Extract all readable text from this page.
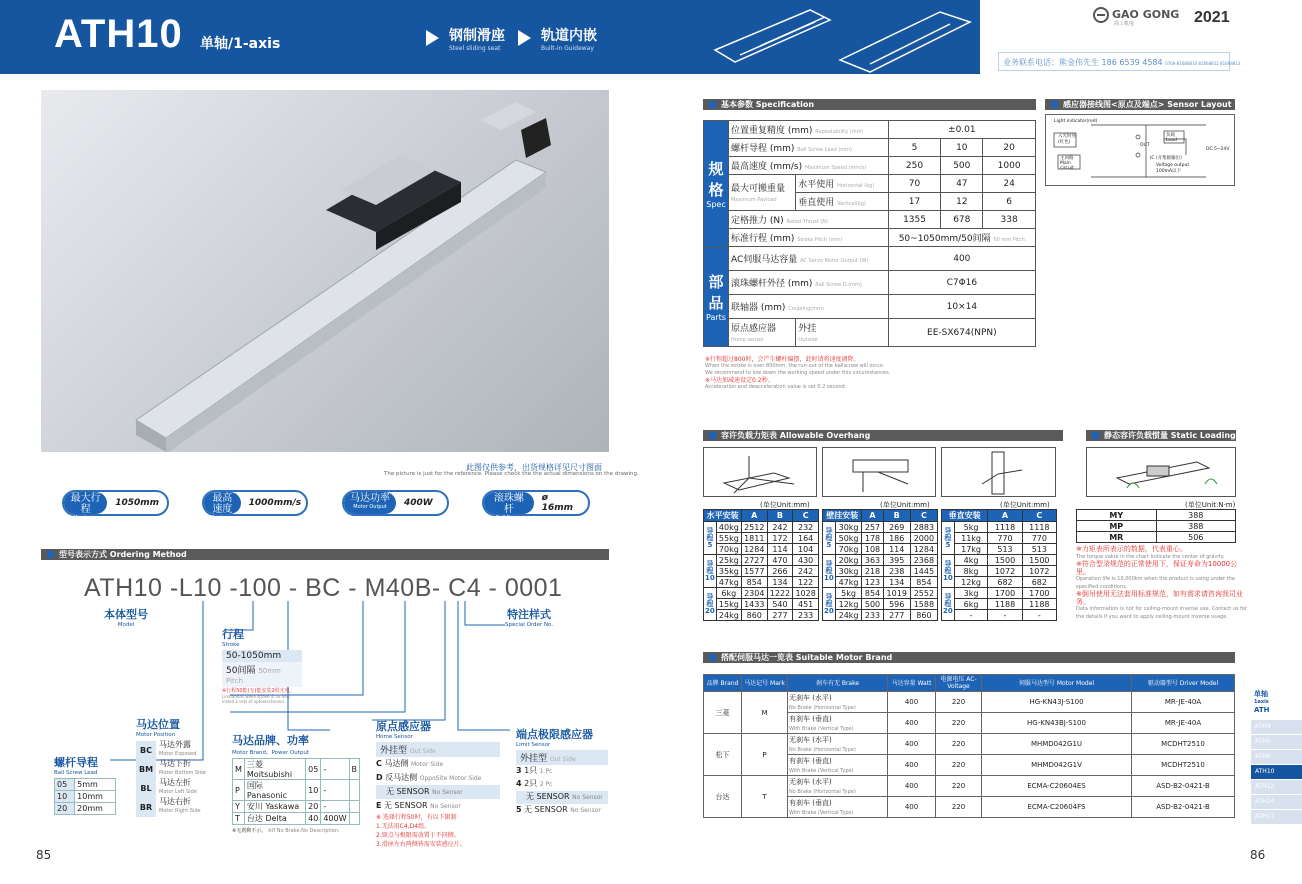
ATH10 单轴/1-axis	钢制滑座
Steel sliding seat
轨道内嵌
Built-in Guideway
GAO GONG
高工机电	2021
业务联系电话：熊金伟先生 186 6539 4584 0769-81688810 81668812 81668813
此图仅供参考，出货规格详见尺寸图面
The picture is just for the reference. Please check the the actual dimensions on the drawing.
最大行程
Maximum Stroke
1050mm	最高速度
Maximum Speed
1000mm/s	马达功率
Motor Output	400W	滚珠螺杆
Ball Screw
ø 16mm
型号表示方式 Ordering Method
ATH10 -L10 -100 - BC - M40B- C4 - 0001
本体型号
Model
特注样式
Special Order No.
行程
Stroke
50-1050mm
50间隔 50mm Pitch
※行程50能(无)能安装2组光电。
Limitations while stroke is 50 only install 2 sets of optoelectronics.
螺杆导程
Ball Screw Lead
05	5mm
10	10mm
20	20mm
马达位置
Motor Position
BC
马达外露
Motor Exposed
BM
马达下折
Motor Bottom Side
BL
马达左折
Motor Left Side
BR
马达右折
Motor Right Side
马达品牌、功率
Motor Brand、Power Output
M	三菱 Moitsubishi	05	-	B
P	国际 Panasonic	10	-	
Y	安川 Yaskawa	20	-	
T	台达 Delta	40	400W	
※无刹剩不示。 ※If No Brake,No Description.
原点感应器
Home Sensor
外挂型 Out Side
C 马达侧 Motor Side
D 反马达侧 OppoSite Motor Side
无 SENSOR No Sensor
E 无 SENSOR No Sensor
※ 选择行程50时，有以下限制
1.无法用C4,D4组。
2.原点与极限需放置于不同侧。
3.滑座左右两侧皆需安装感应片。
端点极限感应器
Limit Sensor
外挂型 Out Side
3 1只 1 Pc
4 2只 2 Pc
无 SENSOR No Sensor
5 无 SENSOR No Sensor
85	86
基本参数 Specification
规格
Spec	位置重复精度 (mm) Repeatability (mm)		±0.01		
	螺杆导程 (mm) Ball Screw Lead (mm)		5	10	20
	最高速度 (mm/s) Maximum Speed (mm/s)		250	500	1000
	最大可搬重量
Maximum Payload	水平使用 Horizontal (kg)	70	47	24
		垂直使用 Vertical(kg)	17	12	6
	定格推力 (N) Rated Thrust (N)		1355	678	338
	标准行程 (mm) Stroke Pitch (mm)		50~1050mm/50间隔 50 mm Pitch		
部品
Parts	AC伺服马达容量 AC Servo Motor Output (W)		400		
	滚珠螺杆外径 (mm) Ball Screw D.(mm)		C7Φ16		
	联轴器 (mm) Coupling(mm)		10×14		
	原点感应器
Home sensor	外挂
Outside	EE-SX674(NPN)		
※行程超过800时，会产生螺杆偏摆，此时请将速度调降。
When the stroke is over 800mm, the run-out of the ballscrew will occur.
We recommend to low down the working speed under this circumstances.
※马达加减速设定0.2秒。
Acceleration and deacceleration value is set 0.2 second.
感应器接线图<原点及端点> Sensor Layout
Light indicator(red)
入光时亮(红色)
负载 Load
OUT
DC 5~24V
主回路 Main circuit
IC (开集极输出)
Voltage output 100mA以下
容许负载力矩表 Allowable Overhang
(单位Unit:mm)	(单位Unit:mm)	(单位Unit:mm)
水平安装		A	B	C
导程5	40kg	2512	242	232
	55kg	1811	172	164
	70kg	1284	114	104
导程10	25kg	2727	470	430
	35kg	1577	266	242
	47kg	854	134	122
导程20	6kg	2304	1222	1028
	15kg	1433	540	451
	24kg	860	277	233
壁挂安装		A	B	C
导程5	30kg	257	269	2883
	50kg	178	186	2000
	70kg	108	114	1284
导程10	20kg	363	395	2368
	30kg	218	238	1445
	47kg	123	134	854
导程20	5kg	854	1019	2552
	12kg	500	596	1588
	24kg	233	277	860
垂直安装		A	C
导程5	5kg	1118	1118
	11kg	770	770
	17kg	513	513
导程10	4kg	1500	1500
	8kg	1072	1072
	12kg	682	682
导程20	3kg	1700	1700
	6kg	1188	1188
	-	-	-
静态容许负载惯量 Static Loading Moment
(单位Unit:N·m)
MY	388
MP	388
MR	506
※力矩表所表示的数据，代表重心。
The torque value in the chart indicate the center of gravity.
※符合型录规范的正常使用下，保证寿命为10000公里。
Operation life is 10,000km when the product is using under the specified conditions.
※倒吊使用无法套用标准规范，如有需求请咨询我司业务。
Data information is not for ceiling-mount inverse use. Contact us for the details if you want to apply ceiling-mount inverse usage.
搭配伺服马达一览表 Suitable Motor Brand
品牌 Brand	马达记号 Mark	刹车有无 Brake	马达容量 Watt	电源电压 AC-Voltage	伺服马达型号 Motor Model	驱动器型号 Driver Model
三菱	M	无刹车 (水平)
No Brake (Horizontal Type)	400	220	HG-KN43J-S100	MR-JE-40A
		有刹车 (垂直)
With Brake (Vertical Type)	400	220	HG-KN43BJ-S100	MR-JE-40A
松下	P	无刹车 (水平)
No Brake (Horizontal Type)	400	220	MHMD042G1U	MCDHT2510
		有刹车 (垂直)
With Brake (Vertical Type)	400	220	MHMD042G1V	MCDHT2510
台达	T	无刹车 (水平)
No Brake (Horizontal Type)	400	220	ECMA-C20604ES	ASD-B2-0421-B
		有刹车 (垂直)
With Brake (Vertical Type)	400	220	ECMA-C20604FS	ASD-B2-0421-B
单轴
1axis
ATH
ATH4
ATH5
ATH6
ATH10
ATH12
ATH14
ATH17
